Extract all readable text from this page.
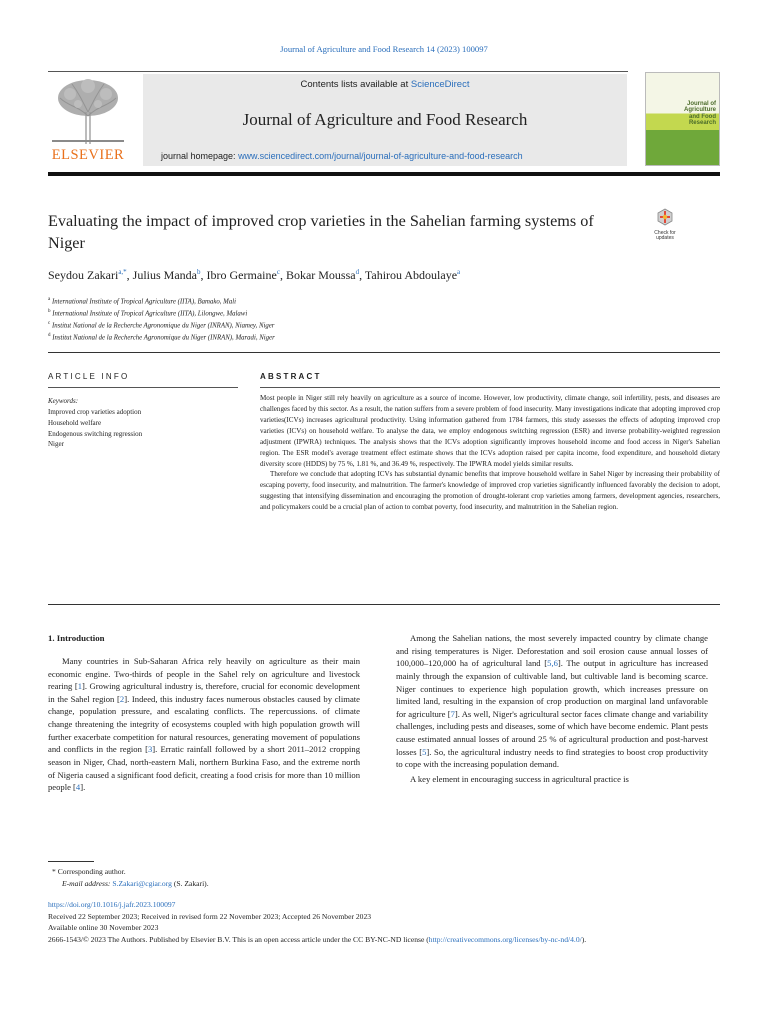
Journal of Agriculture and Food Research 14 (2023) 100097
ELSEVIER
Contents lists available at ScienceDirect
Journal of Agriculture and Food Research
journal homepage: www.sciencedirect.com/journal/journal-of-agriculture-and-food-research
Journal of
Agriculture
and Food
Research
Evaluating the impact of improved crop varieties in the Sahelian farming systems of Niger
Check for
updates
Seydou Zakari$^{a,*}$, Julius Manda$^b$, Ibro Germaine$^c$, Bokar Moussa$^d$, Tahirou Abdoulaye$^a$
$^a$ International Institute of Tropical Agriculture (IITA), Bamako, Mali
$^b$ International Institute of Tropical Agriculture (IITA), Lilongwe, Malawi
$^c$ Institut National de la Recherche Agronomique du Niger (INRAN), Niamey, Niger
$^d$ Institut National de la Recherche Agronomique du Niger (INRAN), Maradi, Niger
ARTICLE INFO	ABSTRACT
Keywords:
Improved crop varieties adoption
Household welfare
Endogenous switching regression
Niger

Most people in Niger still rely heavily on agriculture as a source of income. However, low productivity, climate change, soil infertility, pests, and diseases are challenges faced by this sector. As a result, the nation suffers from a severe problem of food insecurity. Many investigations indicate that adopting improved crop varieties(ICVs) increases agricultural productivity. Using information gathered from 1784 farmers, this study assesses the effects of adopting improved crop varieties (ICVs) on household welfare. To analyse the data, we employ endogenous switching regression (ESR) and inverse probability-weighted regression adjustment (IPWRA) techniques. The analysis shows that the ICVs adoption significantly improves household income and food access in Niger's Sahelian region. The ESR model's average treatment effect estimate shows that the ICVs adoption raised per capita income, food expenditure, and household dietary diversity score (HDDS) by 75 %, 1.81 %, and 36.49 %, respectively. The IPWRA model yields similar results.

Therefore we conclude that adopting ICVs has substantial dynamic benefits that improve household welfare in Sahel Niger by increasing their probability of escaping poverty, food insecurity, and malnutrition. The farmer's knowledge of improved crop varieties significantly influenced favorably the decision to adopt, suggesting that intensifying dissemination and encouraging the promotion of drought-tolerant crop varieties among farmers, development agencies, researchers, and policymakers could be a crucial plan of action to combat poverty, food insecurity, and malnutrition in the Sahelian region.

1. Introduction

Many countries in Sub-Saharan Africa rely heavily on agriculture as their main economic engine. Two-thirds of people in the Sahel rely on agriculture and livestock rearing [1]. Growing agricultural industry is, therefore, crucial for economic development in the Sahel region [2]. Indeed, this industry faces numerous obstacles caused by climate change, population pressure, and escalating conflicts. The repercussions. of climate change threatening the integrity of ecosystems coupled with high population growth will further exacerbate competition for natural resources, generating movement of populations and conflicts in the region [3]. Erratic rainfall followed by a short 2011–2012 cropping season in Niger, Chad, north-eastern Mali, northern Burkina Faso, and the extreme north of Nigeria caused a significant food deficit, creating a food crisis for more than 10 million people [4].

Among the Sahelian nations, the most severely impacted country by climate change and rising temperatures is Niger. Deforestation and soil erosion cause annual losses of 100,000–120,000 ha of agricultural land [5,6]. The output in agriculture has increased mainly through the expansion of cultivable land, but cultivable land is becoming scarce. Niger continues to experience high population growth, which increases pressure on limited land, resulting in the expansion of crop production on marginal land unfavorable for agriculture [7]. As well, Niger's agricultural sector faces climate change and variability challenges, including pests and diseases, some of which have become endemic. Plant pests cause estimated annual losses of around 25 % of agricultural production and post-harvest losses [5]. So, the agricultural industry needs to find strategies to boost crop productivity to cope with the increasing population demand.

A key element in encouraging success in agricultural practice is

* Corresponding author.
E-mail address: S.Zakari@cgiar.org (S. Zakari).
https://doi.org/10.1016/j.jafr.2023.100097
Received 22 September 2023; Received in revised form 22 November 2023; Accepted 26 November 2023
Available online 30 November 2023
2666-1543/© 2023 The Authors. Published by Elsevier B.V. This is an open access article under the CC BY-NC-ND license (http://creativecommons.org/licenses/by-nc-nd/4.0/).
